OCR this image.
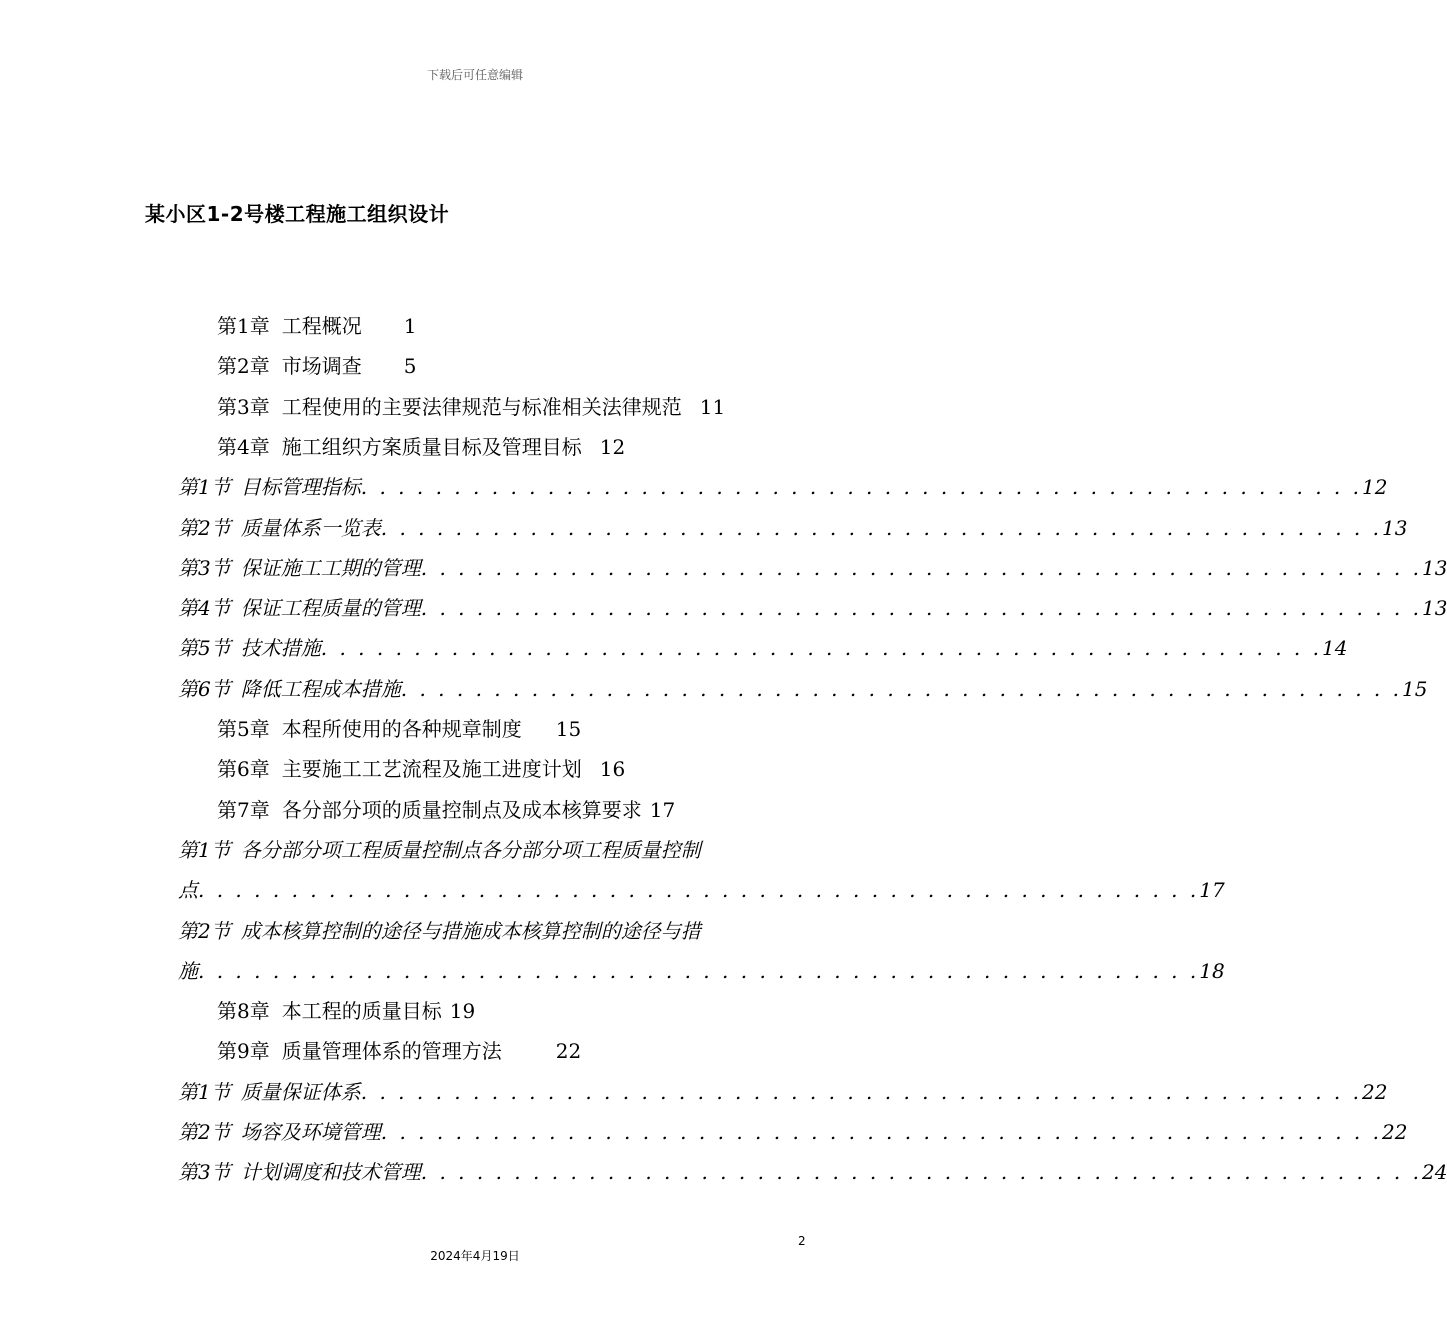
下载后可任意编辑
某小区1-2号楼工程施工组织设计
第1章 工程概况 1
第2章 市场调查 5
第3章 工程使用的主要法律规范与标准相关法律规范 11
第4章 施工组织方案质量目标及管理目标 12
第1节 目标管理指标 . . . . . . . . . . . . . . . . . . . . . . . . . . . . . . . . . . . . . . . . . . . . . . . . . . . . . . 12
第2节 质量体系一览表 . . . . . . . . . . . . . . . . . . . . . . . . . . . . . . . . . . . . . . . . . . . . . . . . . . . . . . 13
第3节 保证施工工期的管理 . . . . . . . . . . . . . . . . . . . . . . . . . . . . . . . . . . . . . . . . . . . . . . . . . . . . . . 13
第4节 保证工程质量的管理 . . . . . . . . . . . . . . . . . . . . . . . . . . . . . . . . . . . . . . . . . . . . . . . . . . . . . . 13
第5节 技术措施 . . . . . . . . . . . . . . . . . . . . . . . . . . . . . . . . . . . . . . . . . . . . . . . . . . . . . . 14
第6节 降低工程成本措施 . . . . . . . . . . . . . . . . . . . . . . . . . . . . . . . . . . . . . . . . . . . . . . . . . . . . . . 15
第5章 本程所使用的各种规章制度 15
第6章 主要施工工艺流程及施工进度计划 16
第7章 各分部分项的质量控制点及成本核算要求 17
第1节 各分部分项工程质量控制点各分部分项工程质量控制
点 . . . . . . . . . . . . . . . . . . . . . . . . . . . . . . . . . . . . . . . . . . . . . . . . . . . . . . 17
第2节 成本核算控制的途径与措施成本核算控制的途径与措
施 . . . . . . . . . . . . . . . . . . . . . . . . . . . . . . . . . . . . . . . . . . . . . . . . . . . . . . 18
第8章 本工程的质量目标 19
第9章 质量管理体系的管理方法	22
第1节 质量保证体系 . . . . . . . . . . . . . . . . . . . . . . . . . . . . . . . . . . . . . . . . . . . . . . . . . . . . . . 22
第2节 场容及环境管理 . . . . . . . . . . . . . . . . . . . . . . . . . . . . . . . . . . . . . . . . . . . . . . . . . . . . . . 22
第3节 计划调度和技术管理 . . . . . . . . . . . . . . . . . . . . . . . . . . . . . . . . . . . . . . . . . . . . . . . . . . . . . . 24
2
2024年4月19日
